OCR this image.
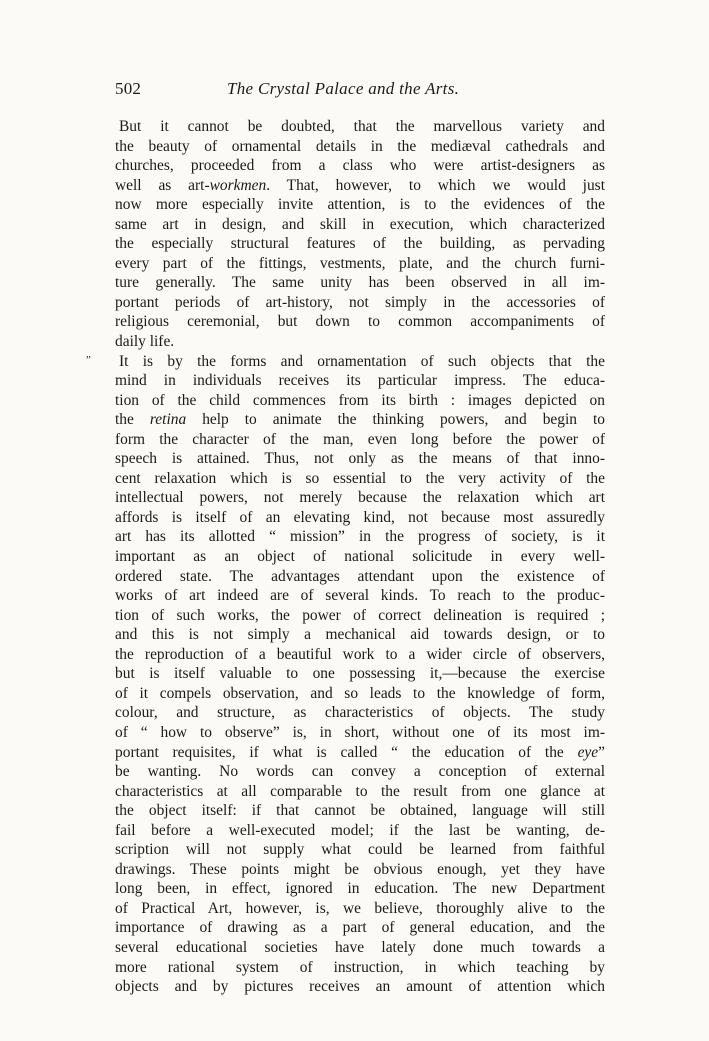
502	The Crystal Palace and the Arts.
„
But it cannot be doubted, that the marvellous variety and
the beauty of ornamental details in the mediæval cathedrals and
churches, proceeded from a class who were artist-designers as
well as art-workmen. That, however, to which we would just
now more especially invite attention, is to the evidences of the
same art in design, and skill in execution, which characterized
the especially structural features of the building, as pervading
every part of the fittings, vestments, plate, and the church furni-
ture generally. The same unity has been observed in all im-
portant periods of art-history, not simply in the accessories of
religious ceremonial, but down to common accompaniments of
daily life.
It is by the forms and ornamentation of such objects that the
mind in individuals receives its particular impress. The educa-
tion of the child commences from its birth : images depicted on
the retina help to animate the thinking powers, and begin to
form the character of the man, even long before the power of
speech is attained. Thus, not only as the means of that inno-
cent relaxation which is so essential to the very activity of the
intellectual powers, not merely because the relaxation which art
affords is itself of an elevating kind, not because most assuredly
art has its allotted “ mission” in the progress of society, is it
important as an object of national solicitude in every well-
ordered state. The advantages attendant upon the existence of
works of art indeed are of several kinds. To reach to the produc-
tion of such works, the power of correct delineation is required ;
and this is not simply a mechanical aid towards design, or to
the reproduction of a beautiful work to a wider circle of observers,
but is itself valuable to one possessing it,—because the exercise
of it compels observation, and so leads to the knowledge of form,
colour, and structure, as characteristics of objects. The study
of “ how to observe” is, in short, without one of its most im-
portant requisites, if what is called “ the education of the eye”
be wanting. No words can convey a conception of external
characteristics at all comparable to the result from one glance at
the object itself: if that cannot be obtained, language will still
fail before a well-executed model; if the last be wanting, de-
scription will not supply what could be learned from faithful
drawings. These points might be obvious enough, yet they have
long been, in effect, ignored in education. The new Department
of Practical Art, however, is, we believe, thoroughly alive to the
importance of drawing as a part of general education, and the
several educational societies have lately done much towards a
more rational system of instruction, in which teaching by
objects and by pictures receives an amount of attention which
